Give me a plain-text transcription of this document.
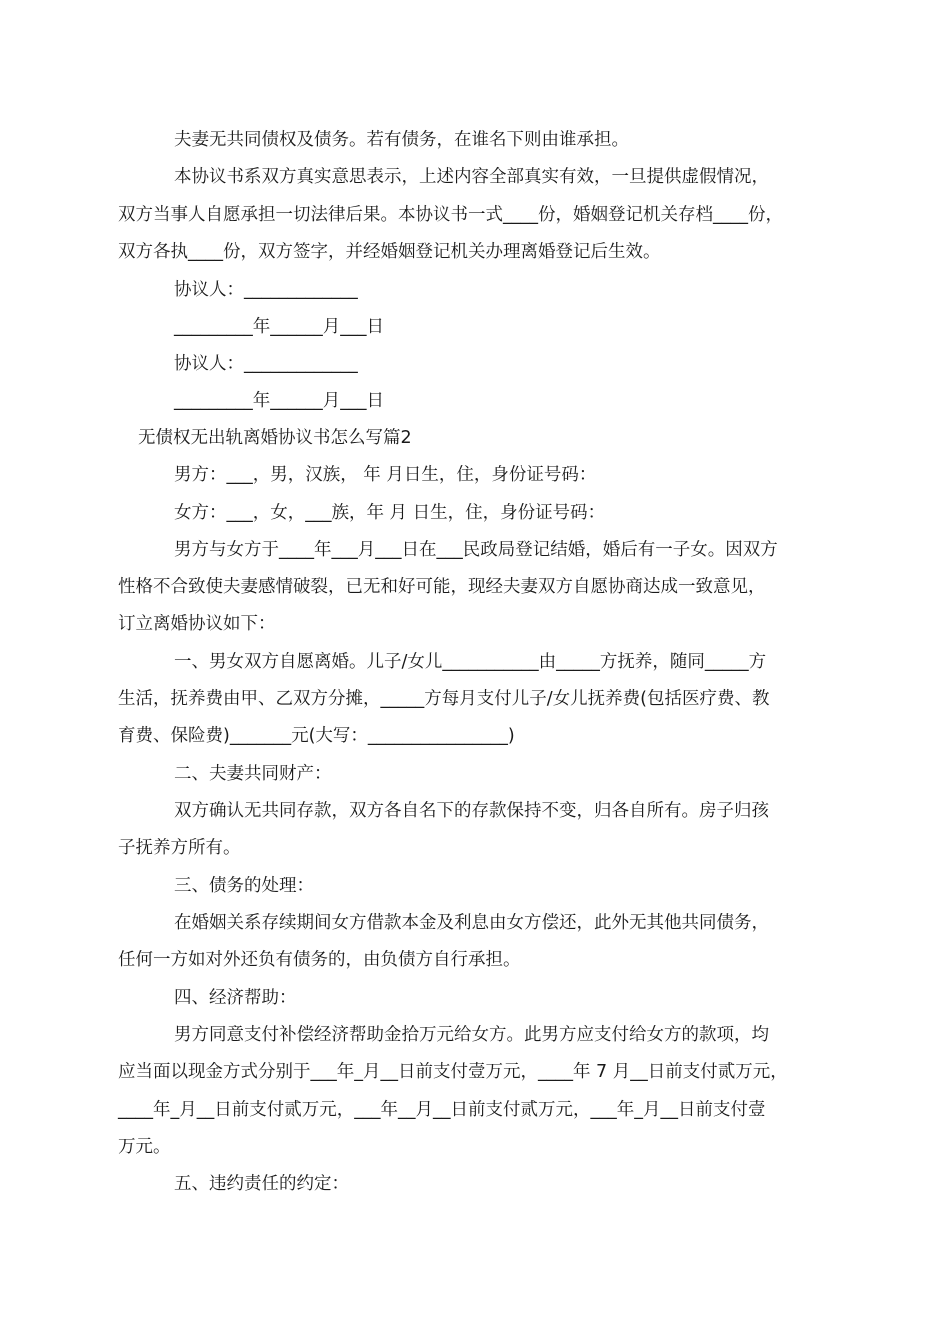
夫妻无共同债权及债务。若有债务，在谁名下则由谁承担。
本协议书系双方真实意思表示，上述内容全部真实有效，一旦提供虚假情况，
双方当事人自愿承担一切法律后果。本协议书一式____份，婚姻登记机关存档____份，
双方各执____份，双方签字，并经婚姻登记机关办理离婚登记后生效。
协议人：_____________
_________年______月___日
协议人：_____________
_________年______月___日
无债权无出轨离婚协议书怎么写篇2
男方：___，男，汉族， 年 月日生，住，身份证号码：
女方：___，女，___族，年 月 日生，住，身份证号码：
男方与女方于____年___月___日在___民政局登记结婚，婚后有一子女。因双方
性格不合致使夫妻感情破裂，已无和好可能，现经夫妻双方自愿协商达成一致意见，
订立离婚协议如下：
一、男女双方自愿离婚。儿子/女儿___________由_____方抚养，随同_____方
生活，抚养费由甲、乙双方分摊，_____方每月支付儿子/女儿抚养费(包括医疗费、教
育费、保险费)_______元(大写：________________)
二、夫妻共同财产：
双方确认无共同存款，双方各自名下的存款保持不变，归各自所有。房子归孩
子抚养方所有。
三、债务的处理：
在婚姻关系存续期间女方借款本金及利息由女方偿还，此外无其他共同债务，
任何一方如对外还负有债务的，由负债方自行承担。
四、经济帮助：
男方同意支付补偿经济帮助金拾万元给女方。此男方应支付给女方的款项，均
应当面以现金方式分别于___年_月__日前支付壹万元，____年 7 月__日前支付贰万元，
____年_月__日前支付贰万元，___年__月__日前支付贰万元，___年_月__日前支付壹
万元。
五、违约责任的约定：
